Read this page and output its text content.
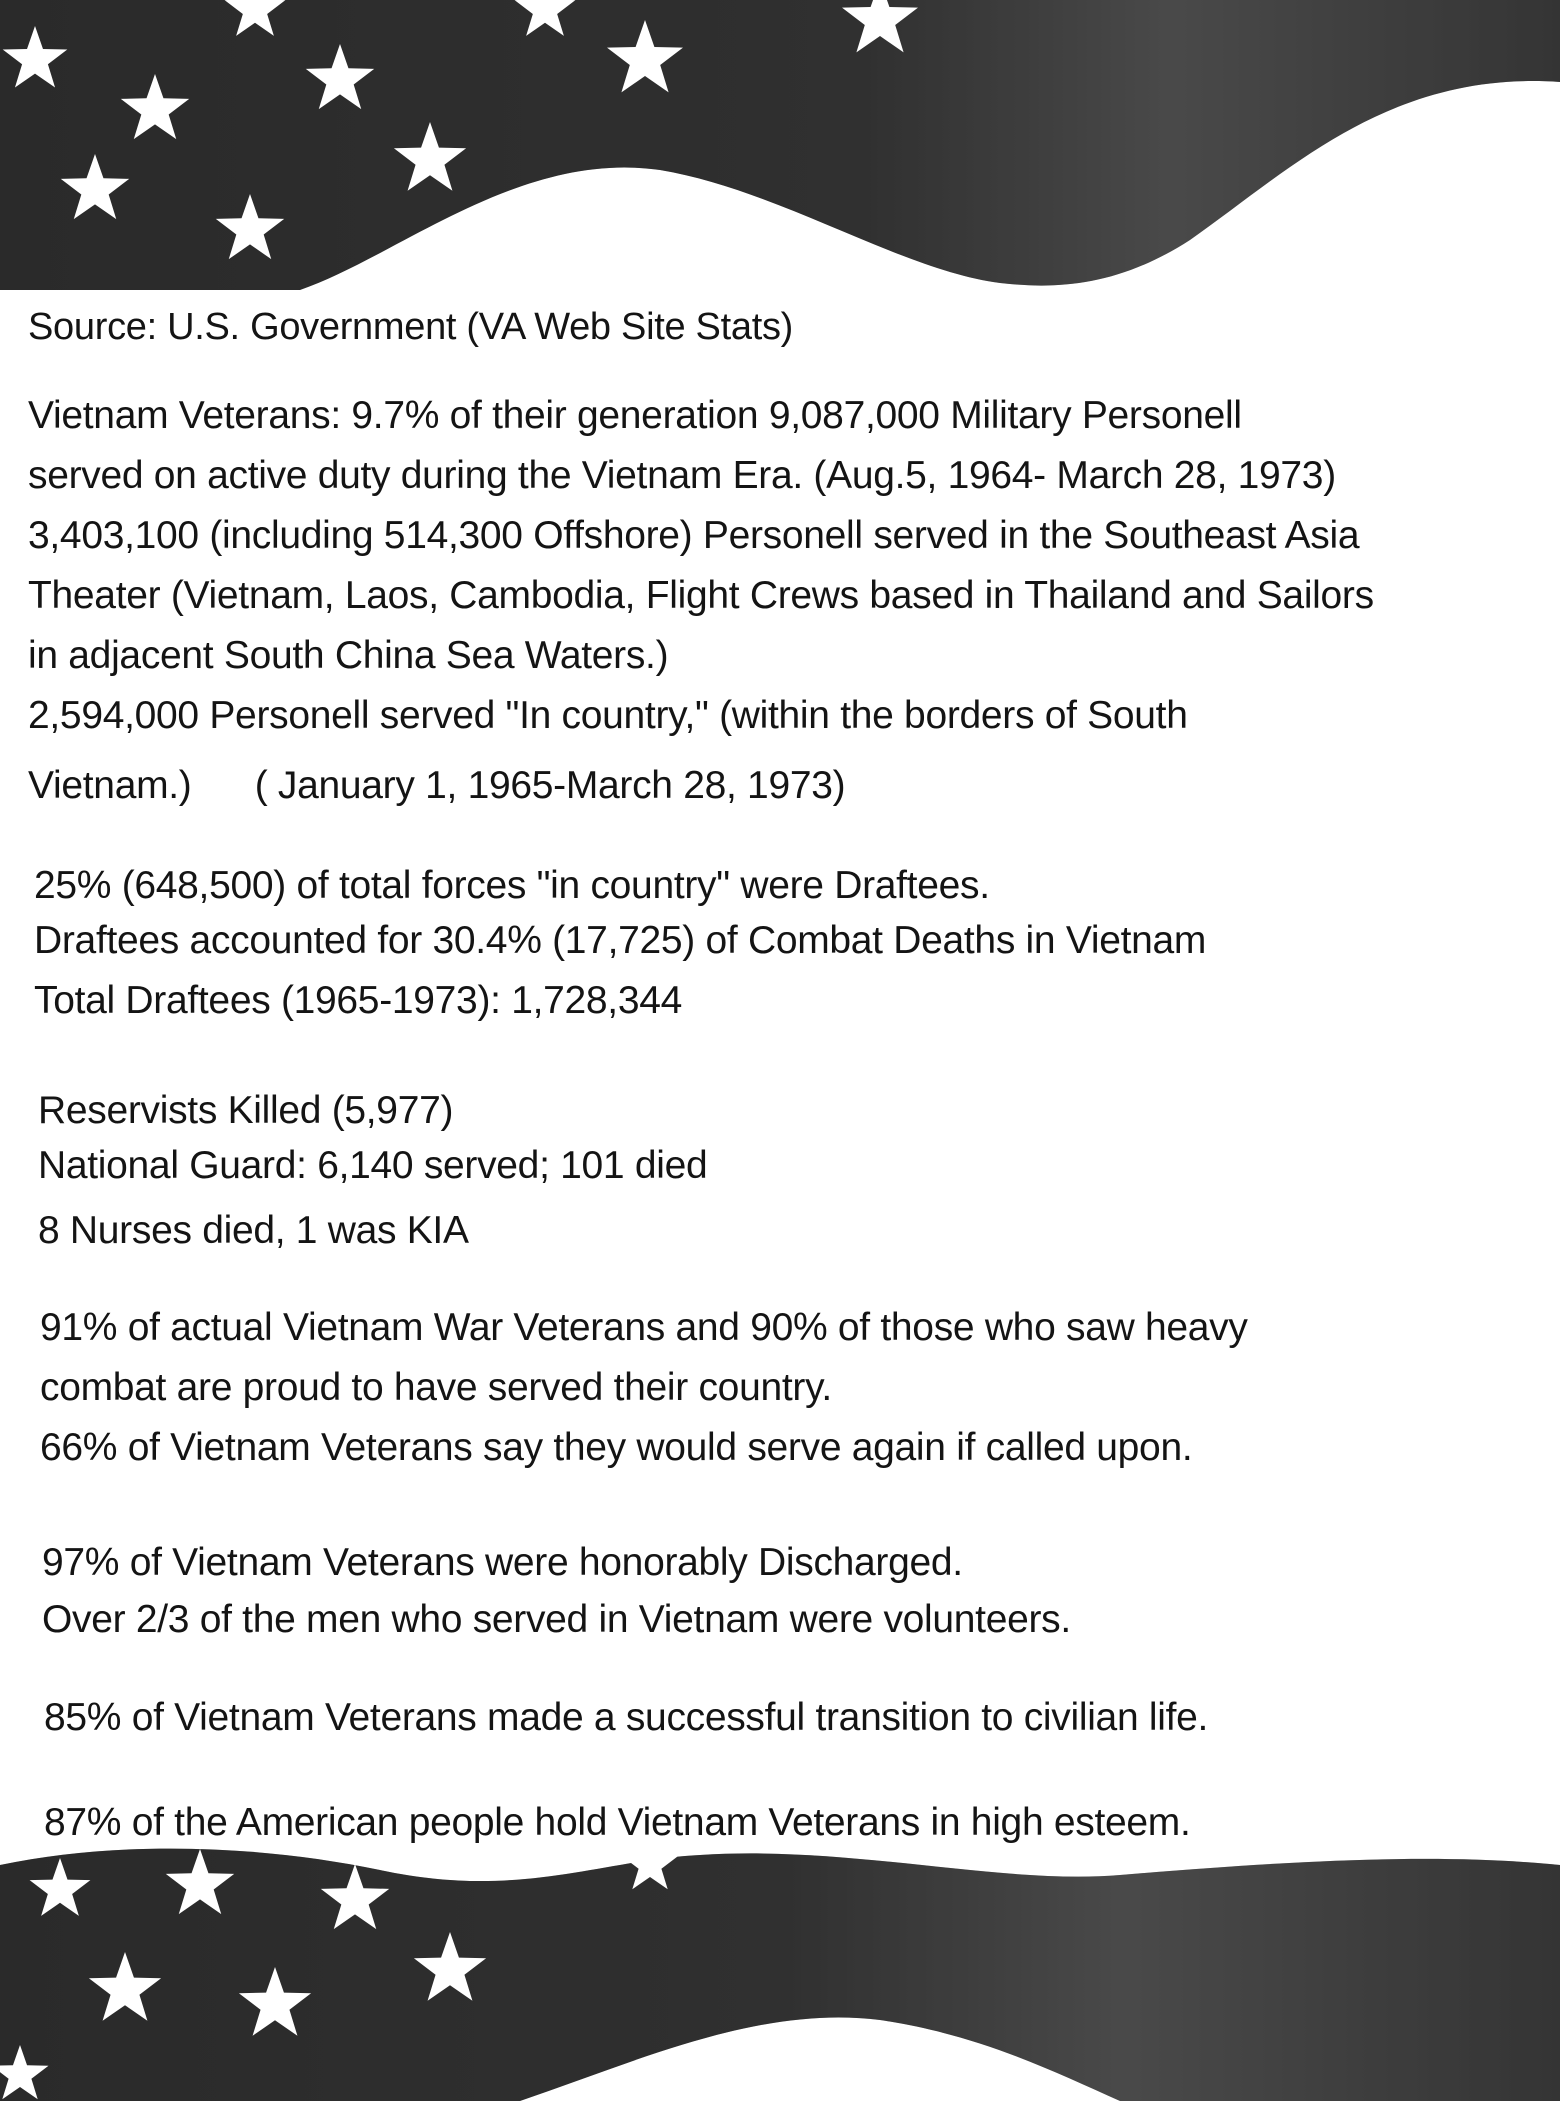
Source: U.S. Government (VA Web Site Stats)
Vietnam Veterans: 9.7% of their generation 9,087,000 Military Personell
served on active duty during the Vietnam Era. (Aug.5, 1964- March 28, 1973)
3,403,100 (including 514,300 Offshore) Personell served in the Southeast Asia
Theater (Vietnam, Laos, Cambodia, Flight Crews based in Thailand and Sailors
in adjacent South China Sea Waters.)
2,594,000 Personell served "In country," (within the borders of South
Vietnam.)      ( January 1, 1965-March 28, 1973)
25% (648,500) of total forces "in country" were Draftees.
Draftees accounted for 30.4% (17,725) of Combat Deaths in Vietnam
Total Draftees (1965-1973): 1,728,344
Reservists Killed (5,977)
National Guard: 6,140 served; 101 died
8 Nurses died, 1 was KIA
91% of actual Vietnam War Veterans and 90% of those who saw heavy
combat are proud to have served their country.
66% of Vietnam Veterans say they would serve again if called upon.
97% of Vietnam Veterans were honorably Discharged.
Over 2/3 of the men who served in Vietnam were volunteers.
85% of Vietnam Veterans made a successful transition to civilian life.
87% of the American people hold Vietnam Veterans in high esteem.
